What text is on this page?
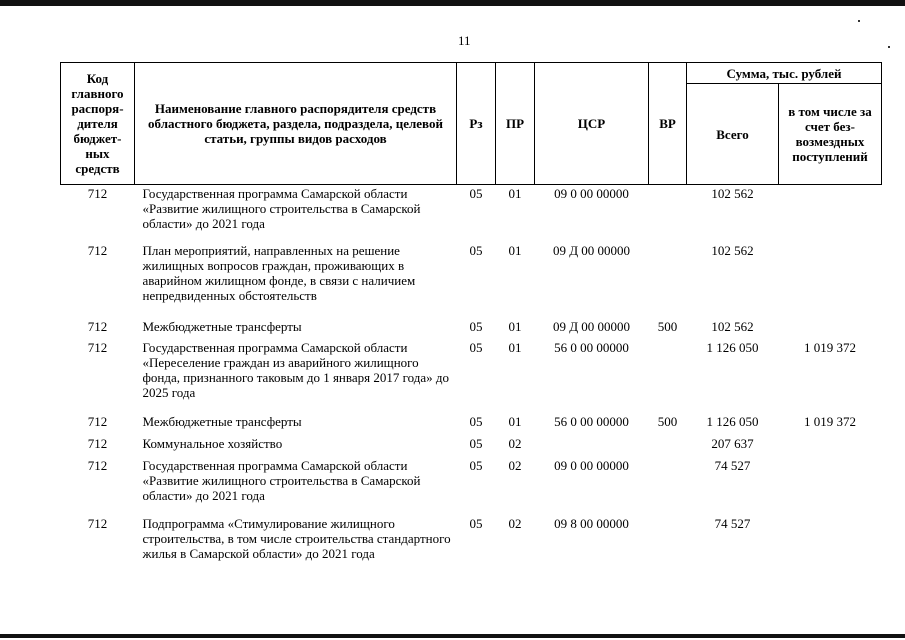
11
Код главного распоря-дителя бюджет-ных средств	Наименование главного распорядителя средств областного бюджета, раздела, подраздела, целевой статьи, группы видов расходов	Рз	ПР	ЦСР	ВР	Сумма, тыс. рублей	
						Всего	в том числе за счет без-возмездных поступлений
712	Государственная программа Самарской области «Развитие жилищного строительства в Самарской области» до 2021 года	05	01	09 0 00 00000		102 562	
712	План мероприятий, направленных на решение жилищных вопросов граждан, проживающих в аварийном жилищном фонде, в связи с наличием непредвиденных обстоятельств	05	01	09 Д 00 00000		102 562	
712	Межбюджетные трансферты	05	01	09 Д 00 00000	500	102 562	
712	Государственная программа Самарской области «Переселение граждан из аварийного жилищного фонда, признанного таковым до 1 января 2017 года» до 2025 года	05	01	56 0 00 00000		1 126 050	1 019 372
712	Межбюджетные трансферты	05	01	56 0 00 00000	500	1 126 050	1 019 372
712	Коммунальное хозяйство	05	02			207 637	
712	Государственная программа Самарской области «Развитие жилищного строительства в Самарской области» до 2021 года	05	02	09 0 00 00000		74 527	
712	Подпрограмма «Стимулирование жилищного строительства, в том числе строительства стандартного жилья в Самарской области» до 2021 года	05	02	09 8 00 00000		74 527	
